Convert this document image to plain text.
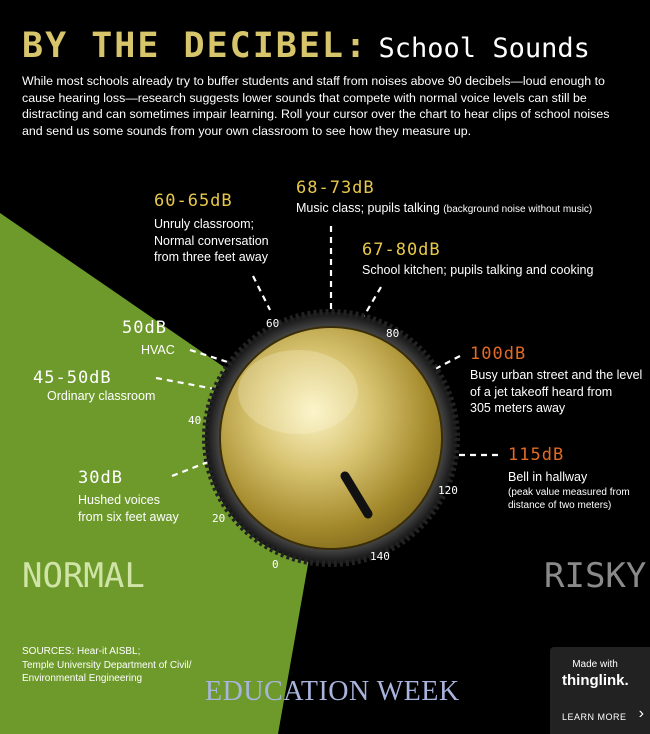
BY THE DECIBEL: School Sounds
While most schools already try to buffer students and staff from noises above 90 decibels—loud enough to cause hearing loss—research suggests lower sounds that compete with normal voice levels can still be distracting and can sometimes impair learning. Roll your cursor over the chart to hear clips of school noises and send us some sounds from your own classroom to see how they measure up.
30dB
Hushed voices from six feet away
45-50dB
Ordinary classroom
50dB
HVAC
60-65dB
Unruly classroom;
Normal conversation
from three feet away
68-73dB
Music class; pupils talking (background noise without music)
67-80dB
School kitchen; pupils talking and cooking
100dB
Busy urban street and the level
of a jet takeoff heard from
305 meters away
115dB
Bell in hallway
(peak value measured from
distance of two meters)
0
20
40
60
80
120
140
NORMAL	RISKY
SOURCES: Hear-it AISBL;
Temple University Department of Civil/
Environmental Engineering	EDUCATION WEEK
Made with
thinglink.
LEARN MORE ›
